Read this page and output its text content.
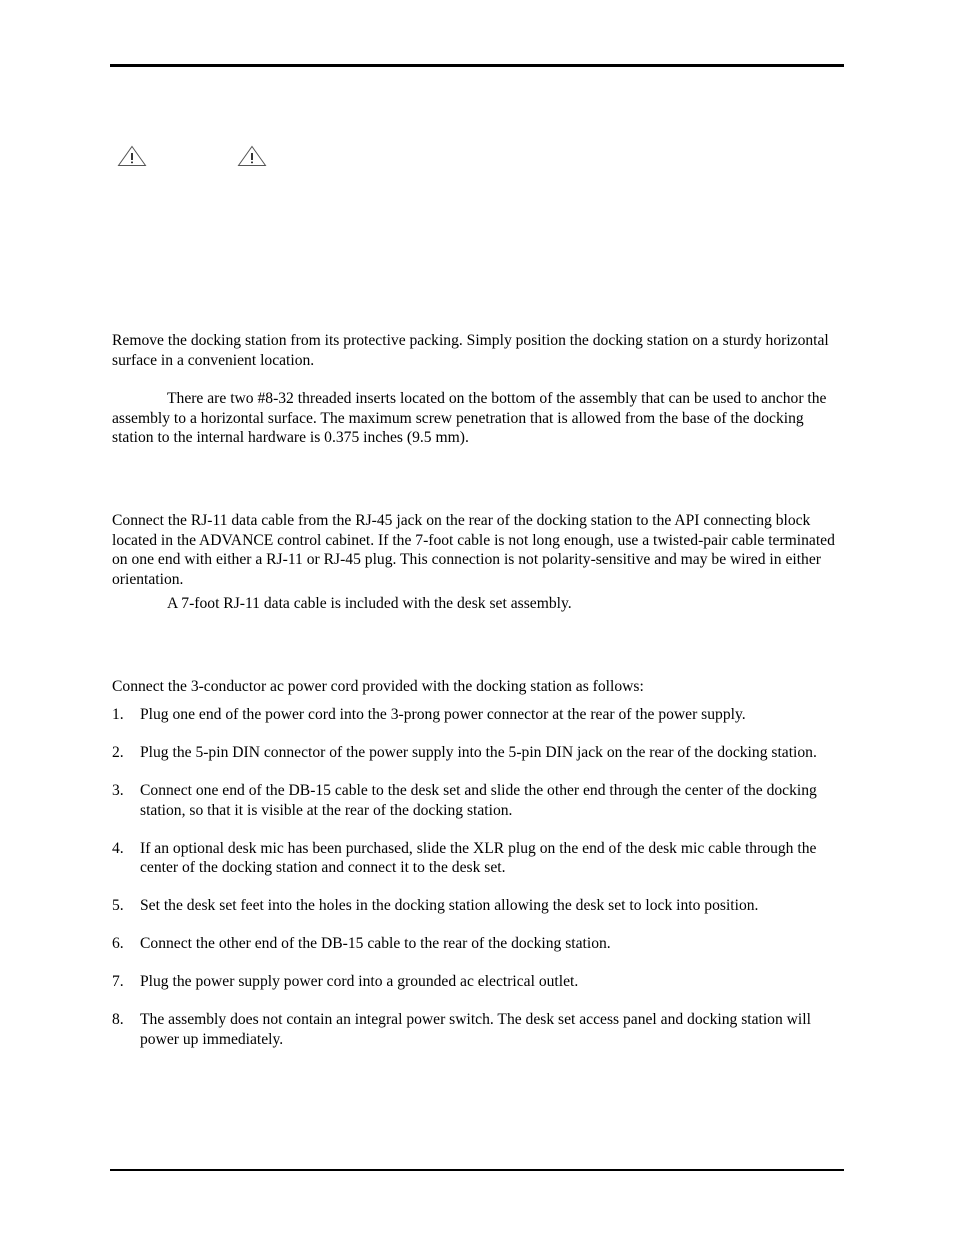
Remove the docking station from its protective packing. Simply position the docking station on a sturdy horizontal surface in a convenient location.

There are two #8-32 threaded inserts located on the bottom of the assembly that can be used to anchor the assembly to a horizontal surface. The maximum screw penetration that is allowed from the base of the docking station to the internal hardware is 0.375 inches (9.5 mm).

Connect the RJ-11 data cable from the RJ-45 jack on the rear of the docking station to the API connecting block located in the ADVANCE control cabinet. If the 7-foot cable is not long enough, use a twisted-pair cable terminated on one end with either a RJ-11 or RJ-45 plug. This connection is not polarity-sensitive and may be wired in either orientation.

A 7-foot RJ-11 data cable is included with the desk set assembly.

Connect the 3-conductor ac power cord provided with the docking station as follows:

1.	Plug one end of the power cord into the 3-prong power connector at the rear of the power supply.
2.	Plug the 5-pin DIN connector of the power supply into the 5-pin DIN jack on the rear of the docking station.
3.	Connect one end of the DB-15 cable to the desk set and slide the other end through the center of the docking station, so that it is visible at the rear of the docking station.
4.	If an optional desk mic has been purchased, slide the XLR plug on the end of the desk mic cable through the center of the docking station and connect it to the desk set.
5.	Set the desk set feet into the holes in the docking station allowing the desk set to lock into position.
6.	Connect the other end of the DB-15 cable to the rear of the docking station.
7.	Plug the power supply power cord into a grounded ac electrical outlet.
8.	The assembly does not contain an integral power switch. The desk set access panel and docking station will power up immediately.
